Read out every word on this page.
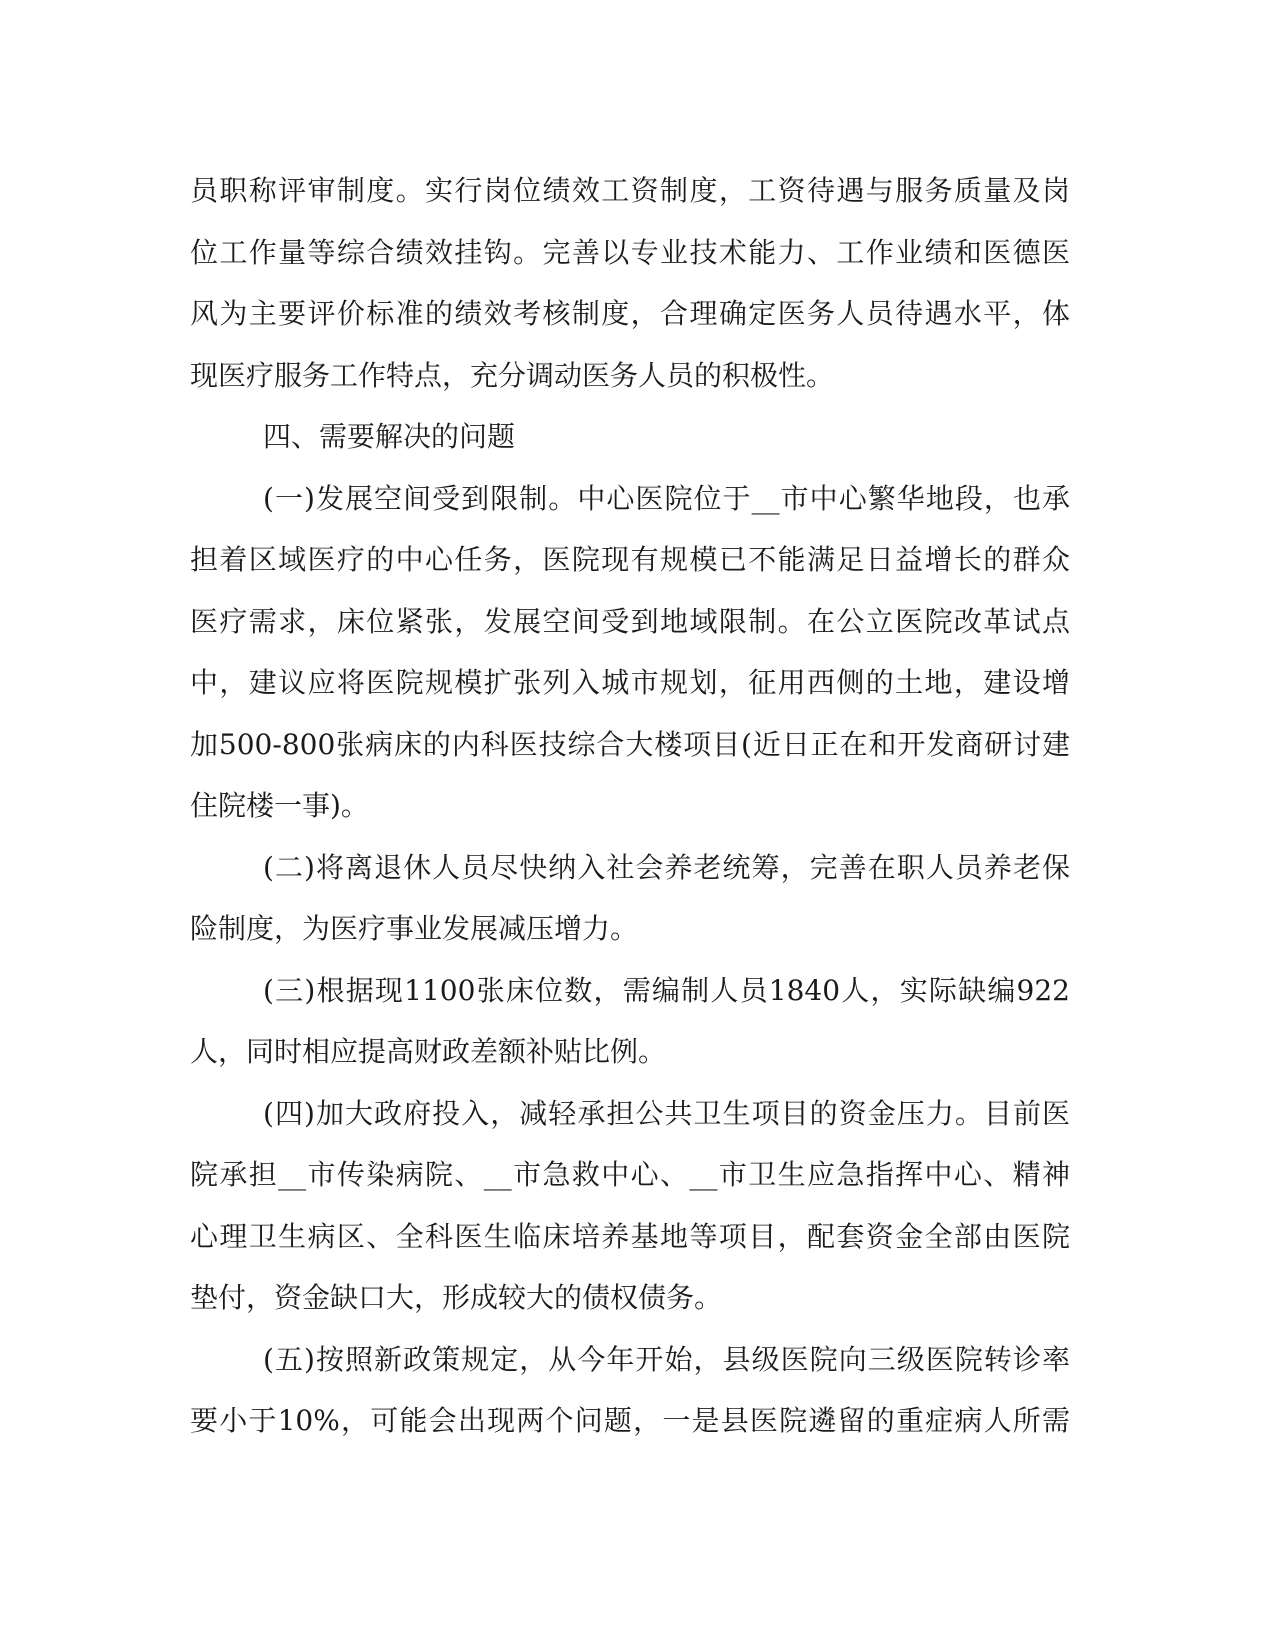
员职称评审制度。实行岗位绩效工资制度，工资待遇与服务质量及岗
位工作量等综合绩效挂钩。完善以专业技术能力、工作业绩和医德医
风为主要评价标准的绩效考核制度，合理确定医务人员待遇水平，体
现医疗服务工作特点，充分调动医务人员的积极性。
四、需要解决的问题
(一)发展空间受到限制。中心医院位于__市中心繁华地段，也承
担着区域医疗的中心任务，医院现有规模已不能满足日益增长的群众
医疗需求，床位紧张，发展空间受到地域限制。在公立医院改革试点
中，建议应将医院规模扩张列入城市规划，征用西侧的土地，建设增
加500-800张病床的内科医技综合大楼项目(近日正在和开发商研讨建
住院楼一事)。
(二)将离退休人员尽快纳入社会养老统筹，完善在职人员养老保
险制度，为医疗事业发展减压增力。
(三)根据现1100张床位数，需编制人员1840人，实际缺编922
人，同时相应提高财政差额补贴比例。
(四)加大政府投入，减轻承担公共卫生项目的资金压力。目前医
院承担__市传染病院、__市急救中心、__市卫生应急指挥中心、精神
心理卫生病区、全科医生临床培养基地等项目，配套资金全部由医院
垫付，资金缺口大，形成较大的债权债务。
(五)按照新政策规定，从今年开始，县级医院向三级医院转诊率
要小于10%，可能会出现两个问题，一是县医院遴留的重症病人所需
